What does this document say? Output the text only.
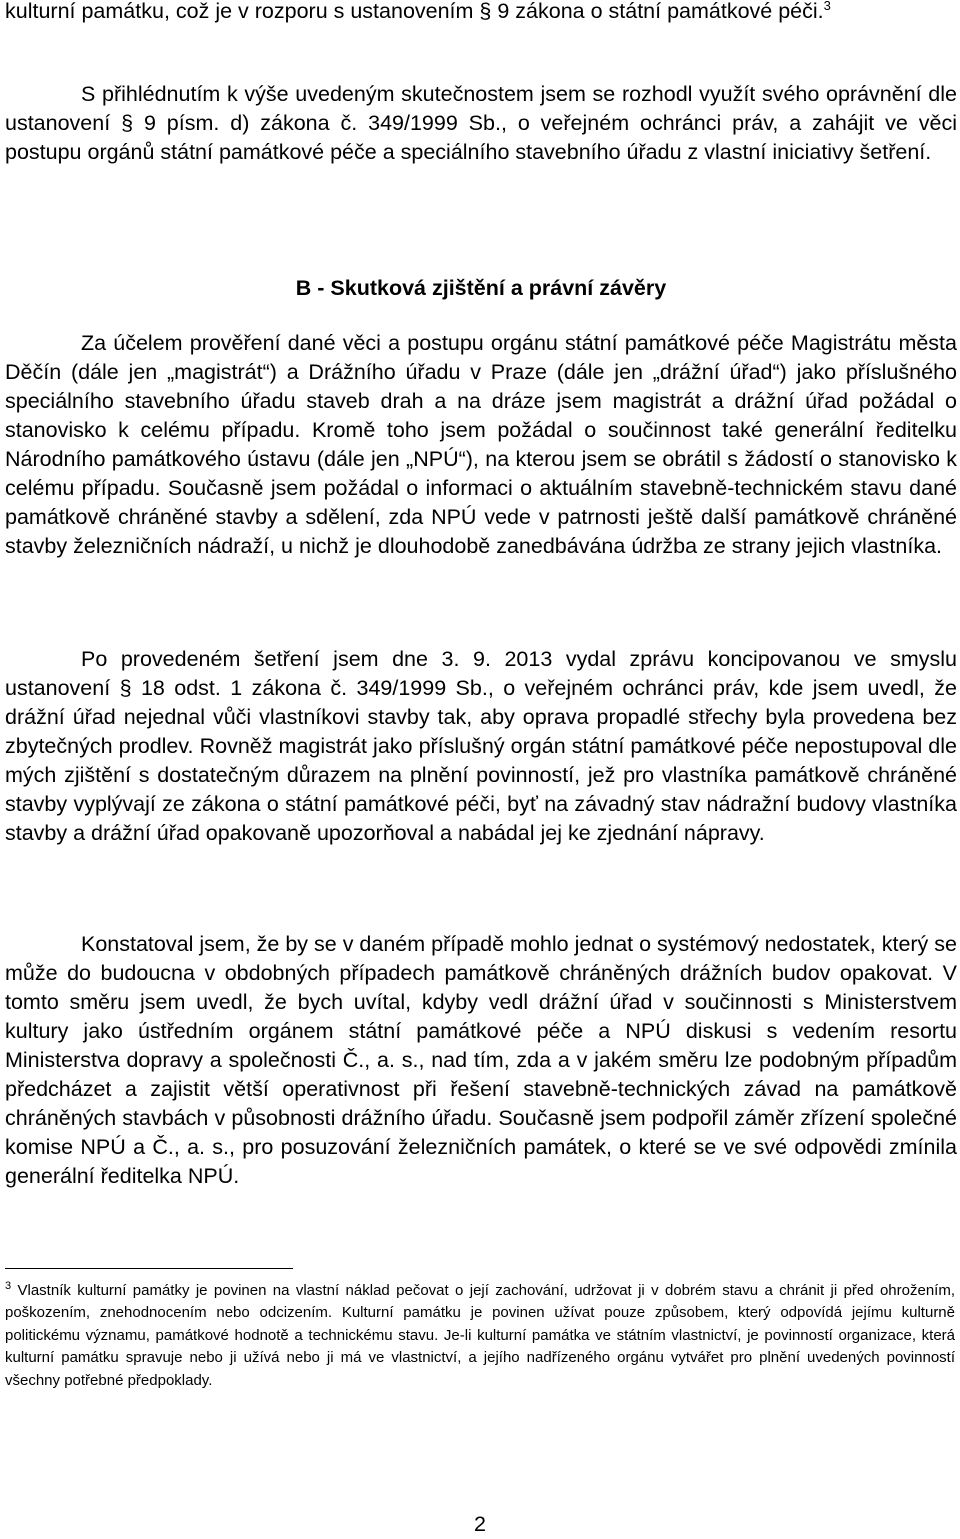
kulturní památku, což je v rozporu s ustanovením § 9 zákona o státní památkové péči.$^3$

S přihlédnutím k výše uvedeným skutečnostem jsem se rozhodl využít svého oprávnění dle ustanovení § 9 písm. d) zákona č. 349/1999 Sb., o veřejném ochránci práv, a zahájit ve věci postupu orgánů státní památkové péče a speciálního stavebního úřadu z vlastní iniciativy šetření.

B - Skutková zjištění a právní závěry

Za účelem prověření dané věci a postupu orgánu státní památkové péče Magistrátu města Děčín (dále jen „magistrát“) a Drážního úřadu v Praze (dále jen „drážní úřad“) jako příslušného speciálního stavebního úřadu staveb drah a na dráze jsem magistrát a drážní úřad požádal o stanovisko k celému případu. Kromě toho jsem požádal o součinnost také generální ředitelku Národního památkového ústavu (dále jen „NPÚ“), na kterou jsem se obrátil s žádostí o stanovisko k celému případu. Současně jsem požádal o informaci o aktuálním stavebně-technickém stavu dané památkově chráněné stavby a sdělení, zda NPÚ vede v patrnosti ještě další památkově chráněné stavby železničních nádraží, u nichž je dlouhodobě zanedbávána údržba ze strany jejich vlastníka.

Po provedeném šetření jsem dne 3. 9. 2013 vydal zprávu koncipovanou ve smyslu ustanovení § 18 odst. 1 zákona č. 349/1999 Sb., o veřejném ochránci práv, kde jsem uvedl, že drážní úřad nejednal vůči vlastníkovi stavby tak, aby oprava propadlé střechy byla provedena bez zbytečných prodlev. Rovněž magistrát jako příslušný orgán státní památkové péče nepostupoval dle mých zjištění s dostatečným důrazem na plnění povinností, jež pro vlastníka památkově chráněné stavby vyplývají ze zákona o státní památkové péči, byť na závadný stav nádražní budovy vlastníka stavby a drážní úřad opakovaně upozorňoval a nabádal jej ke zjednání nápravy.

Konstatoval jsem, že by se v daném případě mohlo jednat o systémový nedostatek, který se může do budoucna v obdobných případech památkově chráněných drážních budov opakovat. V tomto směru jsem uvedl, že bych uvítal, kdyby vedl drážní úřad v součinnosti s Ministerstvem kultury jako ústředním orgánem státní památkové péče a NPÚ diskusi s vedením resortu Ministerstva dopravy a společnosti Č., a. s., nad tím, zda a v jakém směru lze podobným případům předcházet a zajistit větší operativnost při řešení stavebně-technických závad na památkově chráněných stavbách v působnosti drážního úřadu. Současně jsem podpořil záměr zřízení společné komise NPÚ a Č., a. s., pro posuzování železničních památek, o které se ve své odpovědi zmínila generální ředitelka NPÚ.

$^3$ Vlastník kulturní památky je povinen na vlastní náklad pečovat o její zachování, udržovat ji v dobrém stavu a chránit ji před ohrožením, poškozením, znehodnocením nebo odcizením. Kulturní památku je povinen užívat pouze způsobem, který odpovídá jejímu kulturně politickému významu, památkové hodnotě a technickému stavu. Je-li kulturní památka ve státním vlastnictví, je povinností organizace, která kulturní památku spravuje nebo ji užívá nebo ji má ve vlastnictví, a jejího nadřízeného orgánu vytvářet pro plnění uvedených povinností všechny potřebné předpoklady.
2
